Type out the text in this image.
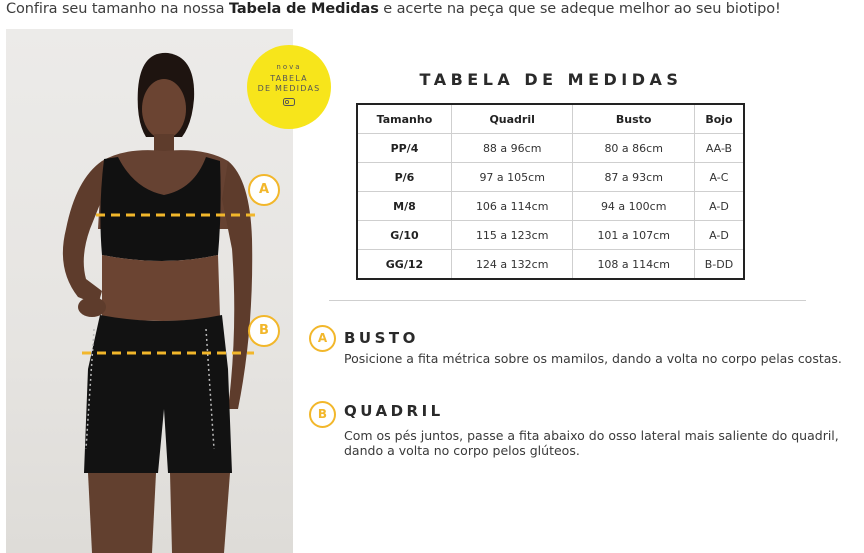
Confira seu tamanho na nossa Tabela de Medidas e acerte na peça que se adeque melhor ao seu biotipo!
A
B
nova
TABELA
DE MEDIDAS	TABELA DE MEDIDAS
Tamanho	Quadril	Busto	Bojo
PP/4	88 a 96cm	80 a 86cm	AA-B
P/6	97 a 105cm	87 a 93cm	A-C
M/8	106 a 114cm	94 a 100cm	A-D
G/10	115 a 123cm	101 a 107cm	A-D
GG/12	124 a 132cm	108 a 114cm	B-DD
A	BUSTO
Posicione a fita métrica sobre os mamilos, dando a volta no corpo pelas costas.
B	QUADRIL
Com os pés juntos, passe a fita abaixo do osso lateral mais saliente do quadril,
dando a volta no corpo pelos glúteos.
